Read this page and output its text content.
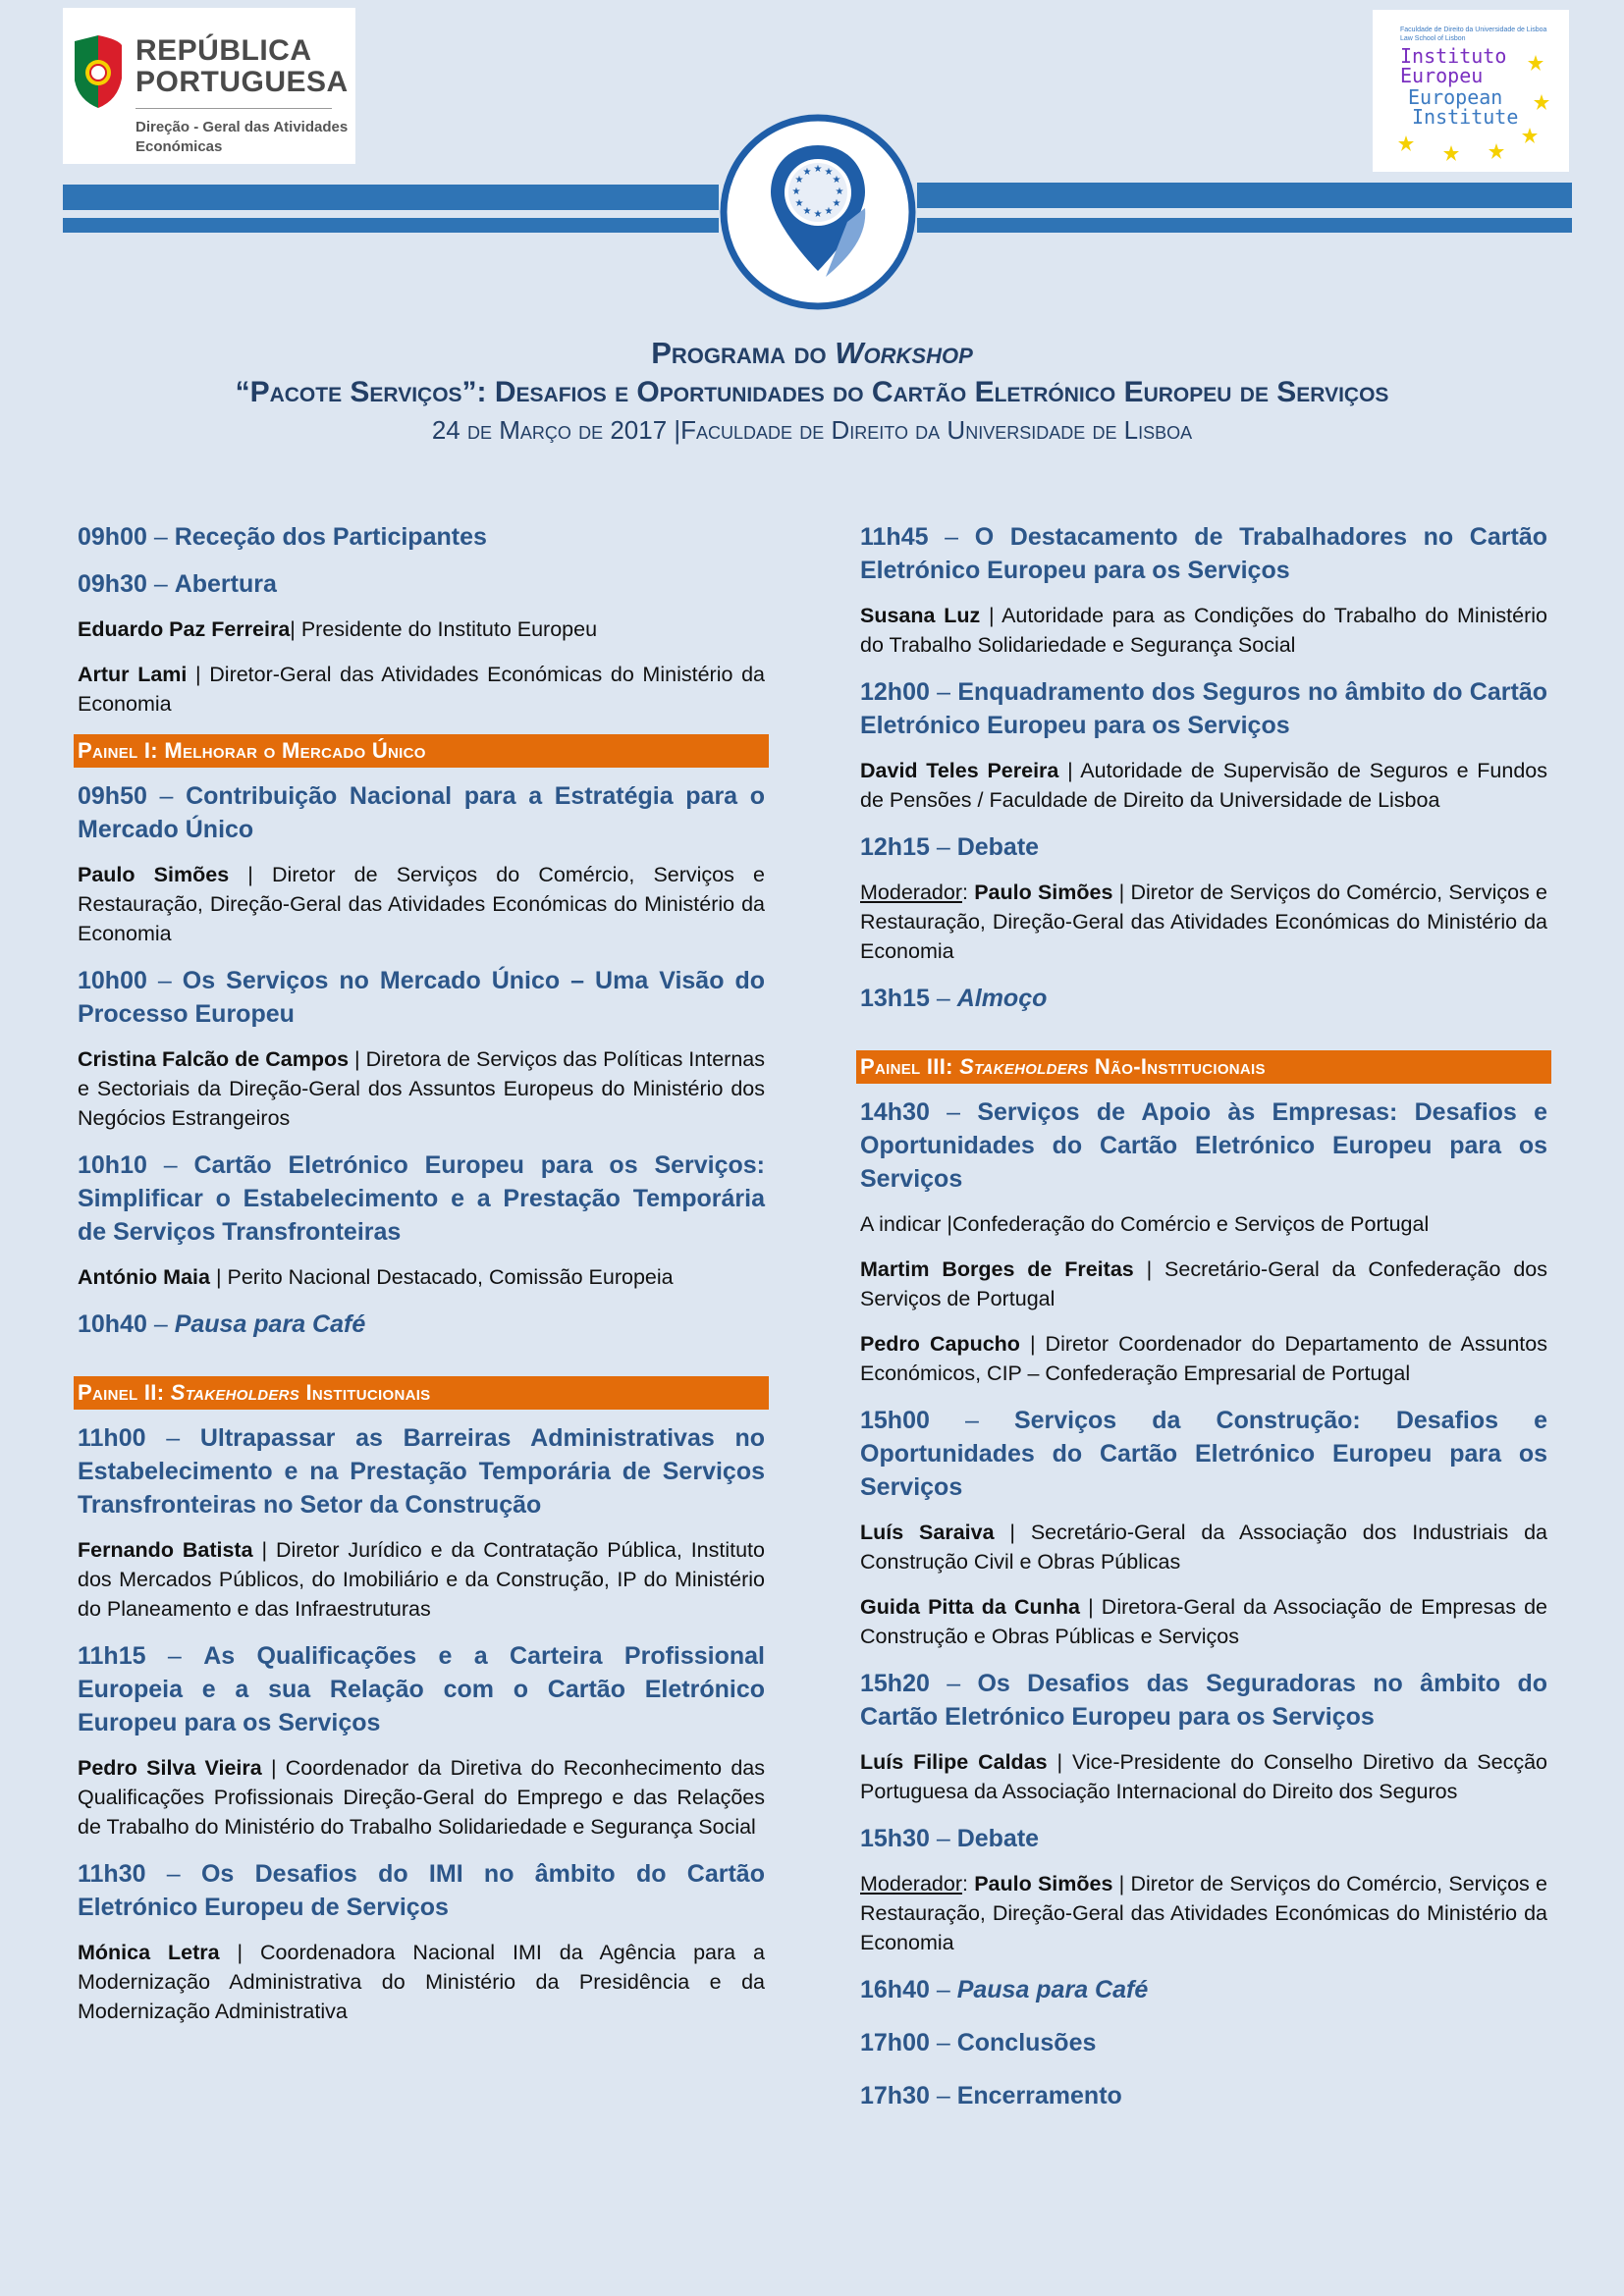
REPÚBLICA
PORTUGUESA
Direção - Geral das Atividades
Económicas
Faculdade de Direito da Universidade de Lisboa
Law School of Lisbon
Instituto
Europeu
European
Institute
★ ★
★
★
★
★
★
★
★
★
★
★
Programa do Workshop
“Pacote Serviços”: Desafios e Oportunidades do Cartão Eletrónico Europeu de Serviços
24 de Março de 2017 |Faculdade de Direito da Universidade de Lisboa
09h00 – Receção dos Participantes
09h30 – Abertura
Eduardo Paz Ferreira| Presidente do Instituto Europeu
Artur Lami | Diretor-Geral das Atividades Económicas do Ministério da Economia
Painel I: Melhorar o Mercado Único
09h50 – Contribuição Nacional para a Estratégia para o Mercado Único
Paulo Simões | Diretor de Serviços do Comércio, Serviços e Restauração, Direção-Geral das Atividades Económicas do Ministério da Economia
10h00 – Os Serviços no Mercado Único – Uma Visão do Processo Europeu
Cristina Falcão de Campos | Diretora de Serviços das Políticas Internas e Sectoriais da Direção-Geral dos Assuntos Europeus do Ministério dos Negócios Estrangeiros
10h10 – Cartão Eletrónico Europeu para os Serviços: Simplificar o Estabelecimento e a Prestação Temporária de Serviços Transfronteiras
António Maia | Perito Nacional Destacado, Comissão Europeia
10h40 – Pausa para Café
Painel II: Stakeholders Institucionais
11h00 – Ultrapassar as Barreiras Administrativas no Estabelecimento e na Prestação Temporária de Serviços Transfronteiras no Setor da Construção
Fernando Batista | Diretor Jurídico e da Contratação Pública, Instituto dos Mercados Públicos, do Imobiliário e da Construção, IP do Ministério do Planeamento e das Infraestruturas
11h15 – As Qualificações e a Carteira Profissional Europeia e a sua Relação com o Cartão Eletrónico Europeu para os Serviços
Pedro Silva Vieira | Coordenador da Diretiva do Reconhecimento das Qualificações Profissionais Direção-Geral do Emprego e das Relações de Trabalho do Ministério do Trabalho Solidariedade e Segurança Social
11h30 – Os Desafios do IMI no âmbito do Cartão Eletrónico Europeu de Serviços
Mónica Letra | Coordenadora Nacional IMI da Agência para a Modernização Administrativa do Ministério da Presidência e da Modernização Administrativa
11h45 – O Destacamento de Trabalhadores no Cartão Eletrónico Europeu para os Serviços
Susana Luz | Autoridade para as Condições do Trabalho do Ministério do Trabalho Solidariedade e Segurança Social
12h00 – Enquadramento dos Seguros no âmbito do Cartão Eletrónico Europeu para os Serviços
David Teles Pereira | Autoridade de Supervisão de Seguros e Fundos de Pensões / Faculdade de Direito da Universidade de Lisboa
12h15 – Debate
Moderador: Paulo Simões | Diretor de Serviços do Comércio, Serviços e Restauração, Direção-Geral das Atividades Económicas do Ministério da Economia
13h15 – Almoço
Painel III: Stakeholders Não-Institucionais
14h30 – Serviços de Apoio às Empresas: Desafios e Oportunidades do Cartão Eletrónico Europeu para os Serviços
A indicar |Confederação do Comércio e Serviços de Portugal
Martim Borges de Freitas | Secretário-Geral da Confederação dos Serviços de Portugal
Pedro Capucho | Diretor Coordenador do Departamento de Assuntos Económicos, CIP – Confederação Empresarial de Portugal
15h00 – Serviços da Construção: Desafios e Oportunidades do Cartão Eletrónico Europeu para os Serviços
Luís Saraiva | Secretário-Geral da Associação dos Industriais da Construção Civil e Obras Públicas
Guida Pitta da Cunha | Diretora-Geral da Associação de Empresas de Construção e Obras Públicas e Serviços
15h20 – Os Desafios das Seguradoras no âmbito do Cartão Eletrónico Europeu para os Serviços
Luís Filipe Caldas | Vice-Presidente do Conselho Diretivo da Secção Portuguesa da Associação Internacional do Direito dos Seguros
15h30 – Debate
Moderador: Paulo Simões | Diretor de Serviços do Comércio, Serviços e Restauração, Direção-Geral das Atividades Económicas do Ministério da Economia
16h40 – Pausa para Café
17h00 – Conclusões
17h30 – Encerramento
